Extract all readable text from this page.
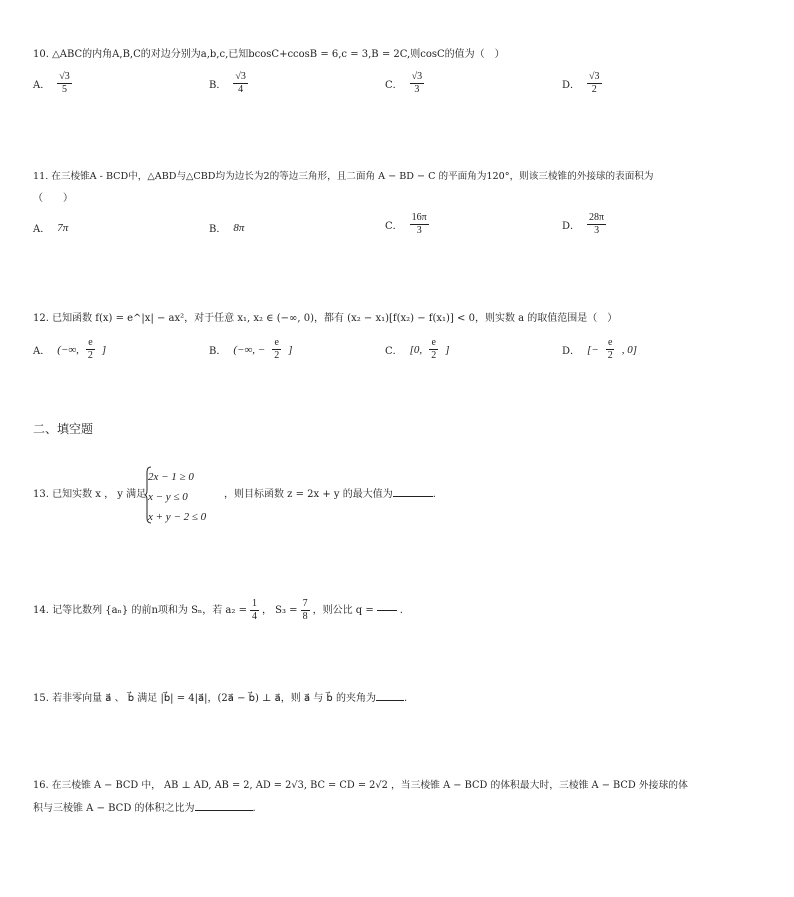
10. △ABC的内角A,B,C的对边分别为a,b,c,已知bcosC+ccosB = 6,c = 3,B = 2C,则cosC的值为（　）
A． $\frac{√3}{5}$	B． $\frac{√3}{4}$	C． $\frac{√3}{3}$	D． $\frac{√3}{2}$
11. 在三棱锥A - BCD中，△ABD与△CBD均为边长为2的等边三角形，且二面角 A − BD − C 的平面角为120°，则该三棱锥的外接球的表面积为
（　　）
A． 7π	B． 8π	C． $\frac{16\pi}{3}$	D． $\frac{28\pi}{3}$
12. 已知函数 f(x) = e^|x| − ax²，对于任意 x₁, x₂ ∈ (−∞, 0)，都有 (x₂ − x₁)[f(x₂) − f(x₁)] < 0，则实数 a 的取值范围是（　）
A． (−∞, $\frac{e}{2}$ ]	B． (−∞, − $\frac{e}{2}$ ]	C． [0, $\frac{e}{2}$ ]	D． [− $\frac{e}{2}$ , 0]
二、填空题
13. 已知实数 x ， y 满足
2x − 1 ≥ 0
x − y ≤ 0
x + y − 2 ≤ 0
，则目标函数 z = 2x + y 的最大值为	.
14. 记等比数列 {aₙ} 的前n项和为 Sₙ，若 $a_2 = \frac{1}{4}$ ， $S_3 = \frac{7}{8}$ ，则公比 q =	.
15. 若非零向量 a⃗ 、 b⃗ 满足 |b⃗| = 4|a⃗|，(2a⃗ − b⃗) ⊥ a⃗，则 a⃗ 与 b⃗ 的夹角为	.
16. 在三棱锥 A − BCD 中， AB ⊥ AD, AB = 2, AD = 2√3, BC = CD = 2√2 ，当三棱锥 A − BCD 的体积最大时，三棱锥 A − BCD 外接球的体
积与三棱锥 A − BCD 的体积之比为	.
